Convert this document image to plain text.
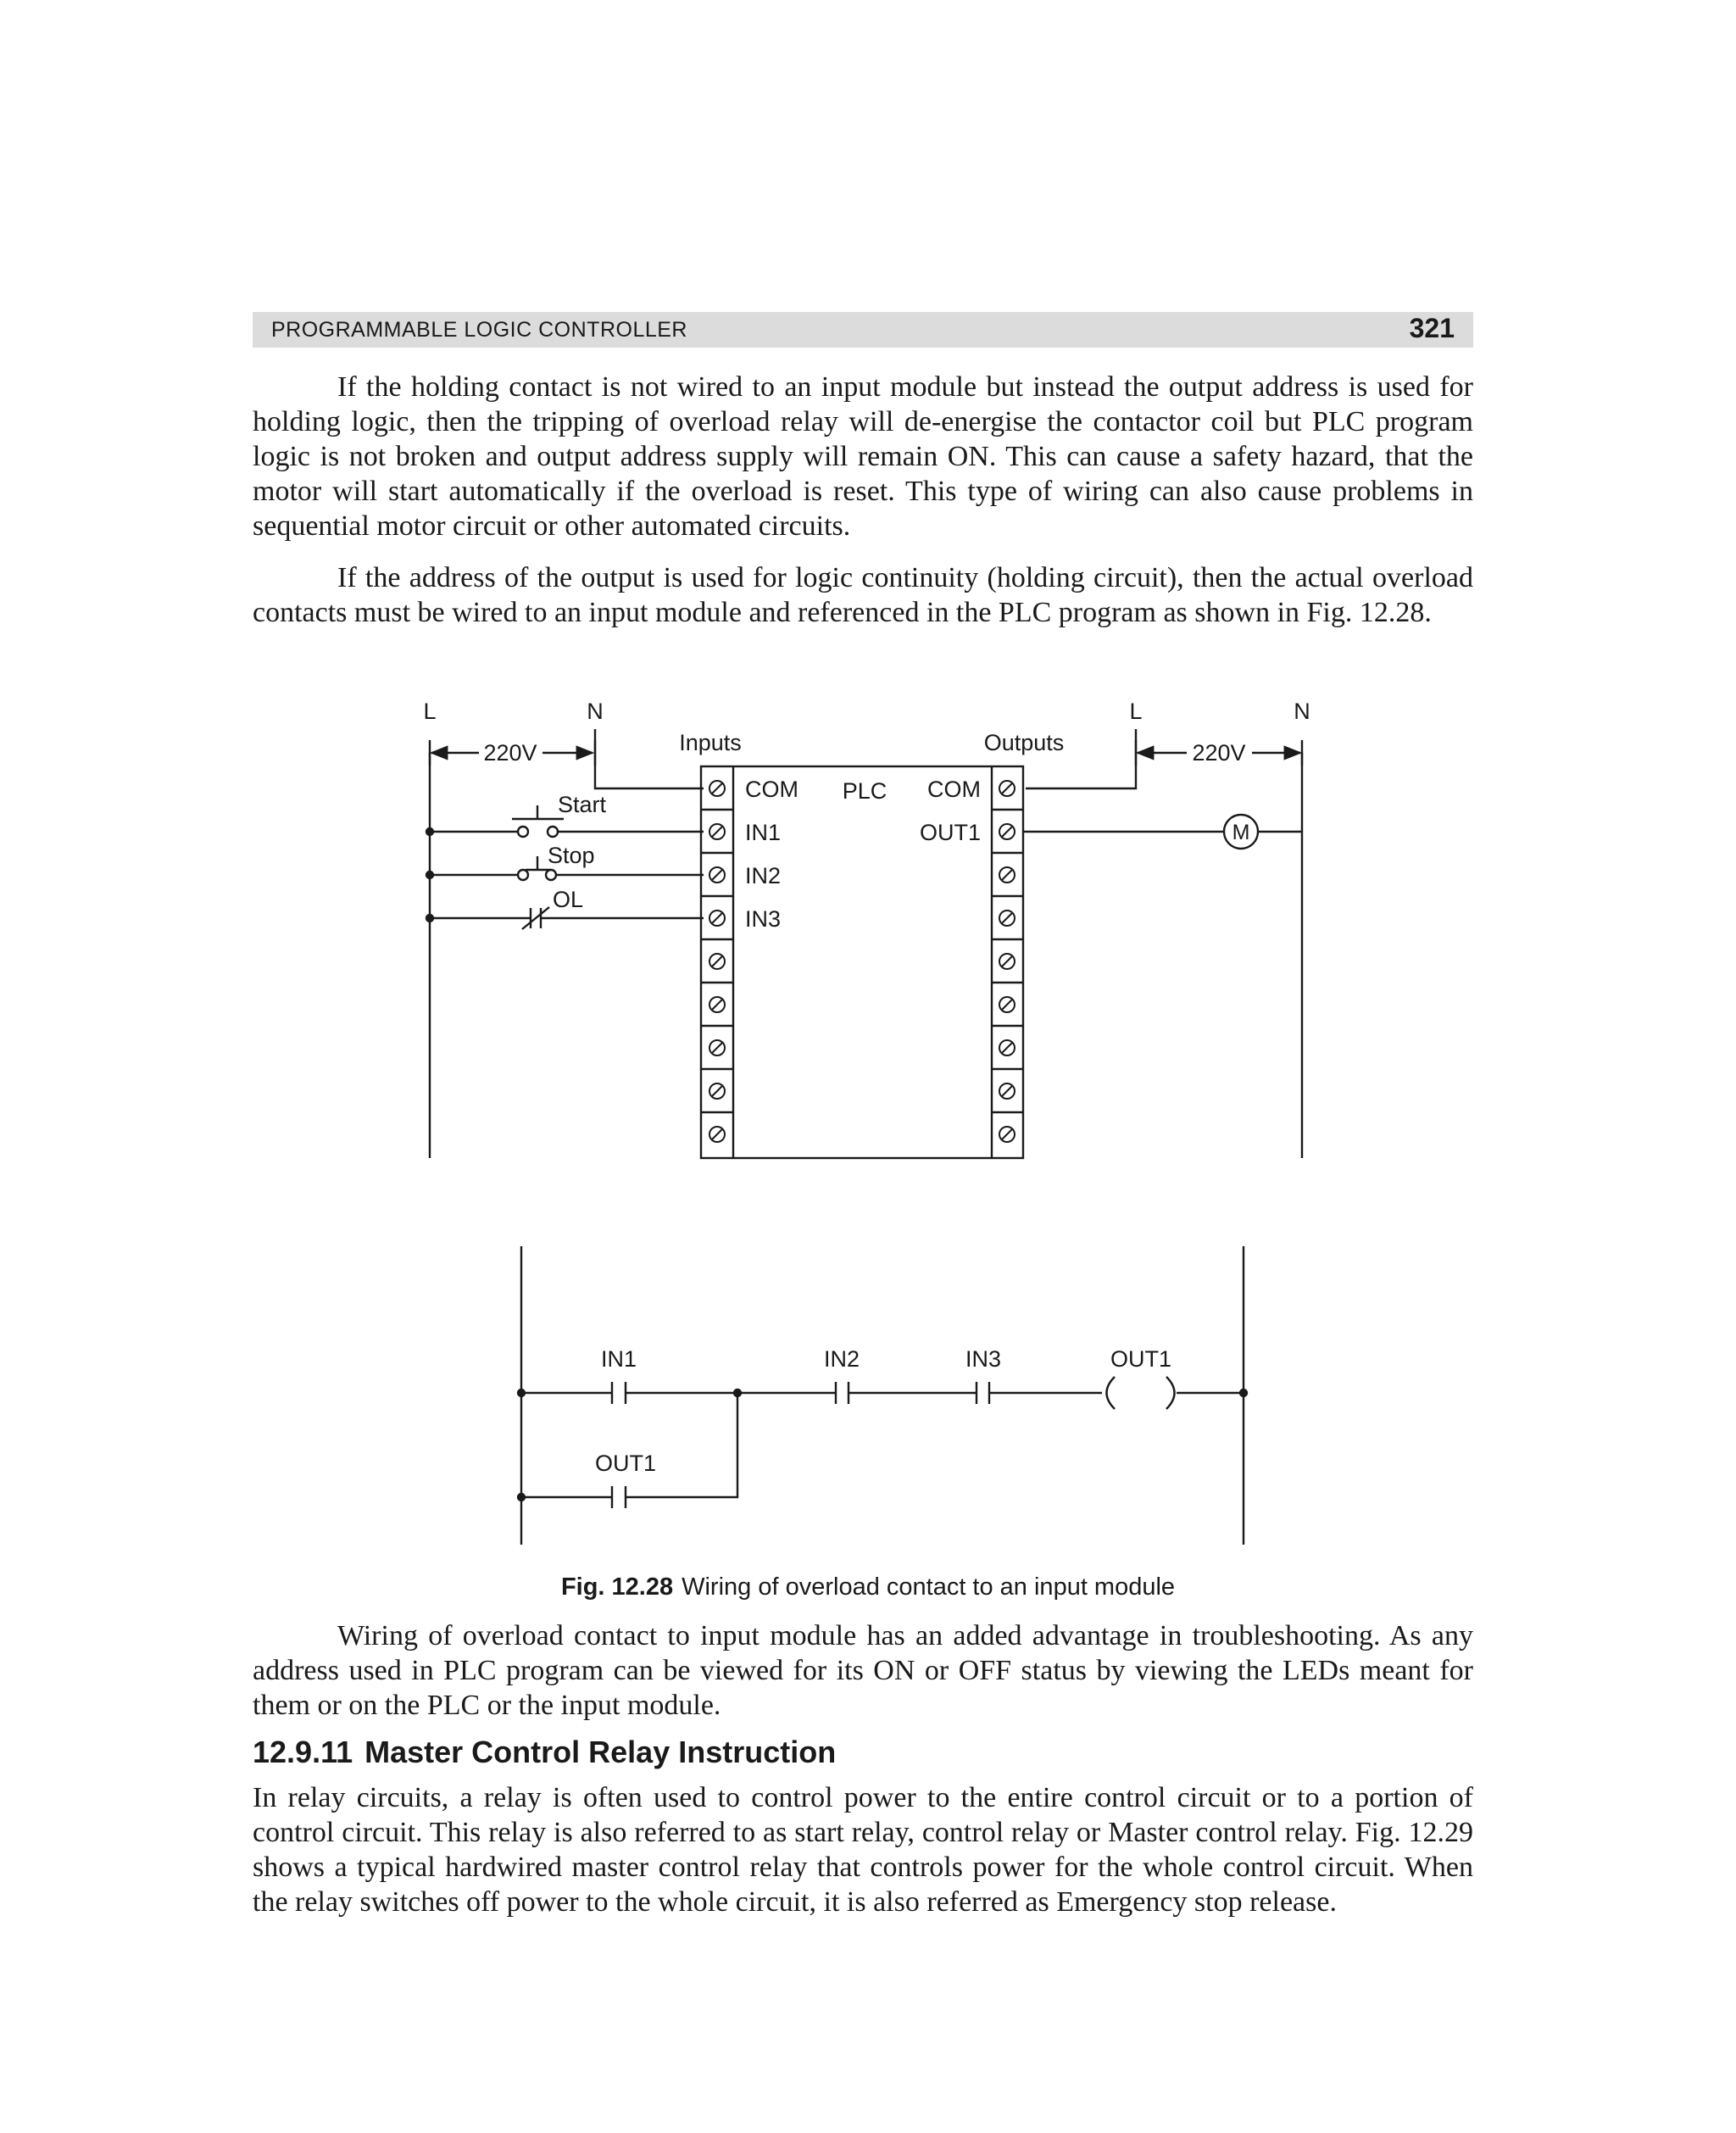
PROGRAMMABLE LOGIC CONTROLLER	321

If the holding contact is not wired to an input module but instead the output address is used for holding logic, then the tripping of overload relay will de-energise the contactor coil but PLC program logic is not broken and output address supply will remain ON. This can cause a safety hazard, that the motor will start automatically if the overload is reset. This type of wiring can also cause problems in sequential motor circuit or other automated circuits.

If the address of the output is used for logic continuity (holding circuit), then the actual overload contacts must be wired to an input module and referenced in the PLC program as shown in Fig. 12.28.

L	N	L	N
220V	220V
Inputs	Outputs
COM PLC COM
IN1
IN2
IN3
OUT1
Start
Stop
OL
M
IN1	IN2	IN3	OUT1
OUT1
Fig. 12.28 Wiring of overload contact to an input module

Wiring of overload contact to input module has an added advantage in troubleshooting. As any address used in PLC program can be viewed for its ON or OFF status by viewing the LEDs meant for them or on the PLC or the input module.

12.9.11 Master Control Relay Instruction

In relay circuits, a relay is often used to control power to the entire control circuit or to a portion of control circuit. This relay is also referred to as start relay, control relay or Master control relay. Fig. 12.29 shows a typical hardwired master control relay that controls power for the whole control circuit. When the relay switches off power to the whole circuit, it is also referred as Emergency stop release.
